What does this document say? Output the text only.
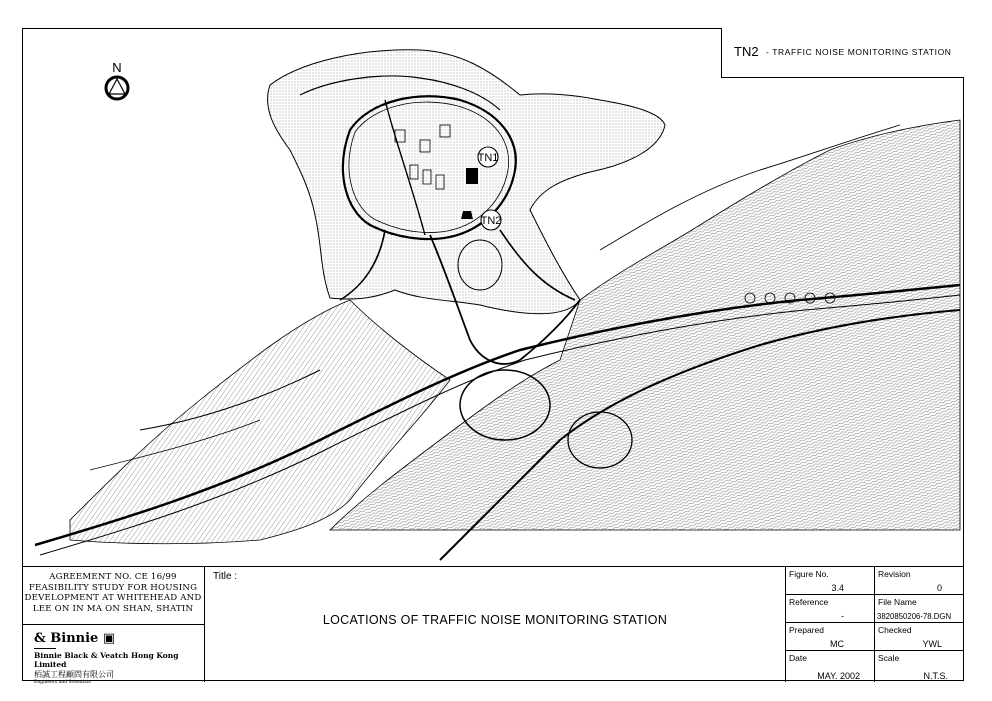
TN1
TN2
N
TN2 - TRAFFIC NOISE MONITORING STATION
AGREEMENT NO. CE 16/99
FEASIBILITY STUDY FOR HOUSING
DEVELOPMENT AT WHITEHEAD AND
LEE ON IN MA ON SHAN, SHATIN
& Binnie ▣
Binnie Black & Veatch Hong Kong Limited
栢誠工程顧問有限公司
Engineers and Scientists
Title :
LOCATIONS OF TRAFFIC NOISE MONITORING STATION
Figure No.
3.4
Revision
0
Reference
-
File Name
3820850206-78.DGN
Prepared
MC
Checked
YWL
Date
MAY. 2002
Scale
N.T.S.
